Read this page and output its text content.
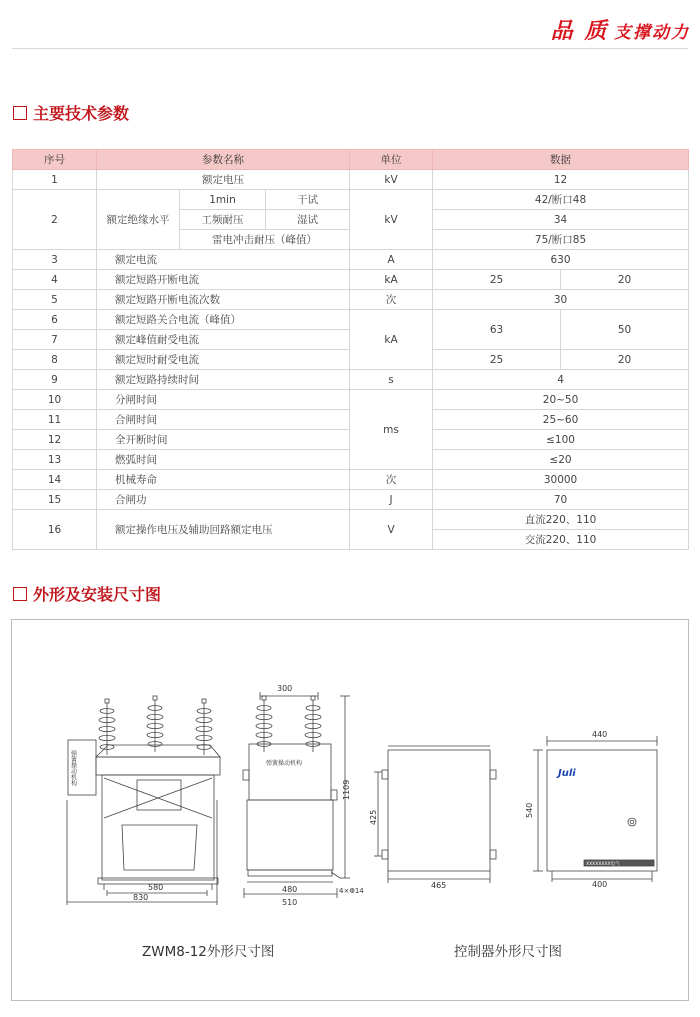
品 质 支撑动力
主要技术参数
序号	参数名称			单位	数据	
1	额定电压			kV	12	
2	额定绝缘水平	1min	干试	kV	42/断口48	
		工频耐压	湿试		34	
		雷电冲击耐压（峰值）			75/断口85	
3	额定电流			A	630	
4	额定短路开断电流			kA	25	20
5	额定短路开断电流次数			次	30	
6	额定短路关合电流（峰值）			kA	63	50
7	额定峰值耐受电流					
8	额定短时耐受电流				25	20
9	额定短路持续时间			s	4	
10	分闸时间			ms	20~50	
11	合闸时间				25~60	
12	全开断时间				≤100	
13	燃弧时间				≤20	
14	机械寿命			次	30000	
15	合闸功			J	70	
16	额定操作电压及辅助回路额定电压			V	直流220、110	
					交流220、110	
外形及安装尺寸图
弹簧操动机构
580
830
300
弹簧操动机构
1109
480
510
4×Φ14
425
465
440
540
400
Juli
XXXXXXXX电气
ZWM8-12外形尺寸图	控制器外形尺寸图
